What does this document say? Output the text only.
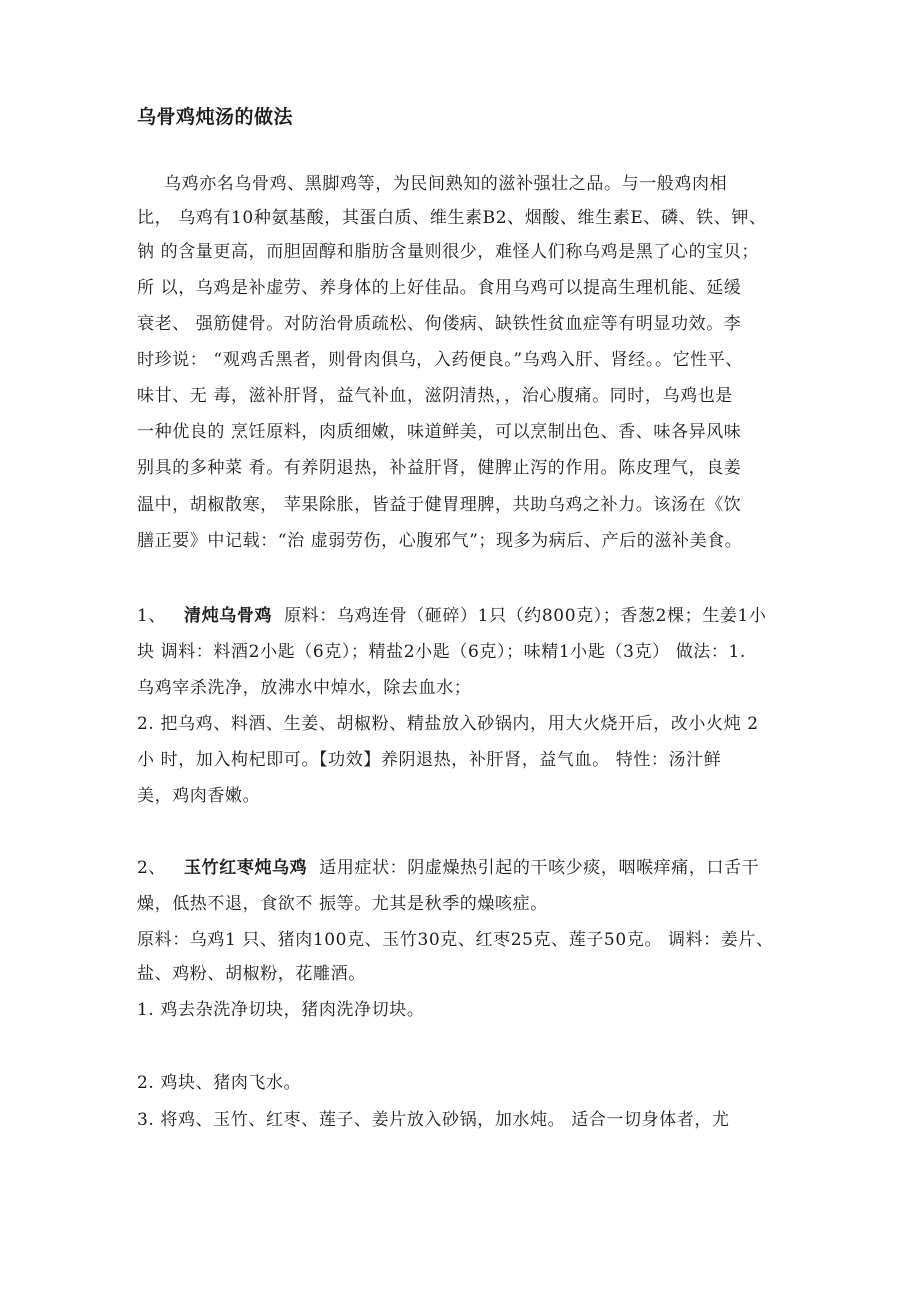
乌骨鸡炖汤的做法
乌鸡亦名乌骨鸡、黑脚鸡等，为民间熟知的滋补强壮之品。与一般鸡肉相
比， 乌鸡有10种氨基酸，其蛋白质、维生素B2、烟酸、维生素E、磷、铁、钾、
钠 的含量更高，而胆固醇和脂肪含量则很少，难怪人们称乌鸡是黑了心的宝贝；
所 以，乌鸡是补虚劳、养身体的上好佳品。食用乌鸡可以提高生理机能、延缓
衰老、 强筋健骨。对防治骨质疏松、佝偻病、缺铁性贫血症等有明显功效。李
时珍说： “观鸡舌黑者，则骨肉俱乌，入药便良。”乌鸡入肝、肾经。。它性平、
味甘、无 毒，滋补肝肾，益气补血，滋阴清热，，治心腹痛。同时，乌鸡也是
一种优良的 烹饪原料，肉质细嫩，味道鲜美，可以烹制出色、香、味各异风味
别具的多种菜 肴。有养阴退热，补益肝肾，健脾止泻的作用。陈皮理气，良姜
温中，胡椒散寒， 苹果除胀，皆益于健胃理脾，共助乌鸡之补力。该汤在《饮
膳正要》中记载：“治 虚弱劳伤，心腹邪气”；现多为病后、产后的滋补美食。
1、 清炖乌骨鸡 原料：乌鸡连骨（砸碎）1只（约800克）；香葱2棵；生姜1小
块 调料：料酒2小匙（6克）；精盐2小匙（6克）；味精1小匙（3克） 做法：1.
乌鸡宰杀洗净，放沸水中焯水，除去血水；
2. 把乌鸡、料酒、生姜、胡椒粉、精盐放入砂锅内，用大火烧开后，改小火炖 2
小 时，加入枸杞即可。【功效】养阴退热，补肝肾，益气血。 特性：汤汁鲜
美，鸡肉香嫩。
2、 玉竹红枣炖乌鸡 适用症状：阴虚燥热引起的干咳少痰，咽喉痒痛，口舌干
燥，低热不退，食欲不 振等。尤其是秋季的燥咳症。
原料：乌鸡1 只、猪肉100克、玉竹30克、红枣25克、莲子50克。 调料：姜片、
盐、鸡粉、胡椒粉，花雕酒。
1. 鸡去杂洗净切块，猪肉洗净切块。
2. 鸡块、猪肉飞水。
3. 将鸡、玉竹、红枣、莲子、姜片放入砂锅，加水炖。 适合一切身体者，尤
